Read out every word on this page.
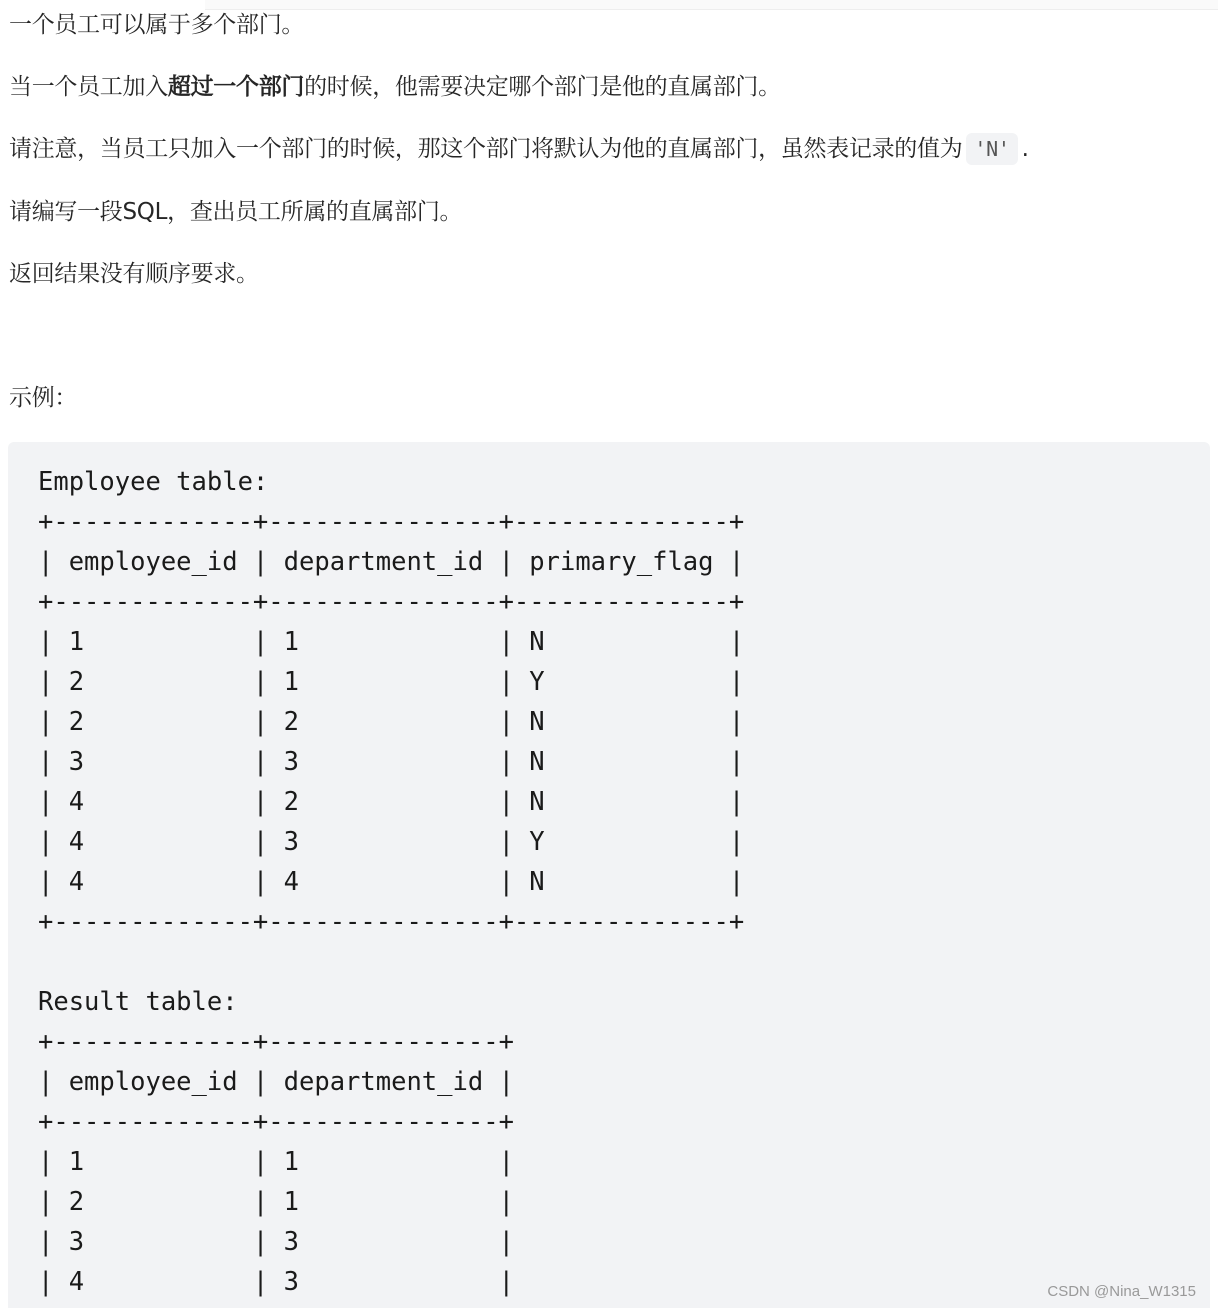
一个员工可以属于多个部门。
当一个员工加入超过一个部门的时候，他需要决定哪个部门是他的直属部门。
请注意，当员工只加入一个部门的时候，那这个部门将默认为他的直属部门，虽然表记录的值为 'N' .
请编写一段SQL，查出员工所属的直属部门。
返回结果没有顺序要求。
示例：
Employee table:
+-------------+---------------+--------------+
| employee_id | department_id | primary_flag |
+-------------+---------------+--------------+
| 1           | 1             | N            |
| 2           | 1             | Y            |
| 2           | 2             | N            |
| 3           | 3             | N            |
| 4           | 2             | N            |
| 4           | 3             | Y            |
| 4           | 4             | N            |
+-------------+---------------+--------------+
Result table:
+-------------+---------------+
| employee_id | department_id |
+-------------+---------------+
| 1           | 1             |
| 2           | 1             |
| 3           | 3             |
| 4           | 3             |	CSDN @Nina_W1315
